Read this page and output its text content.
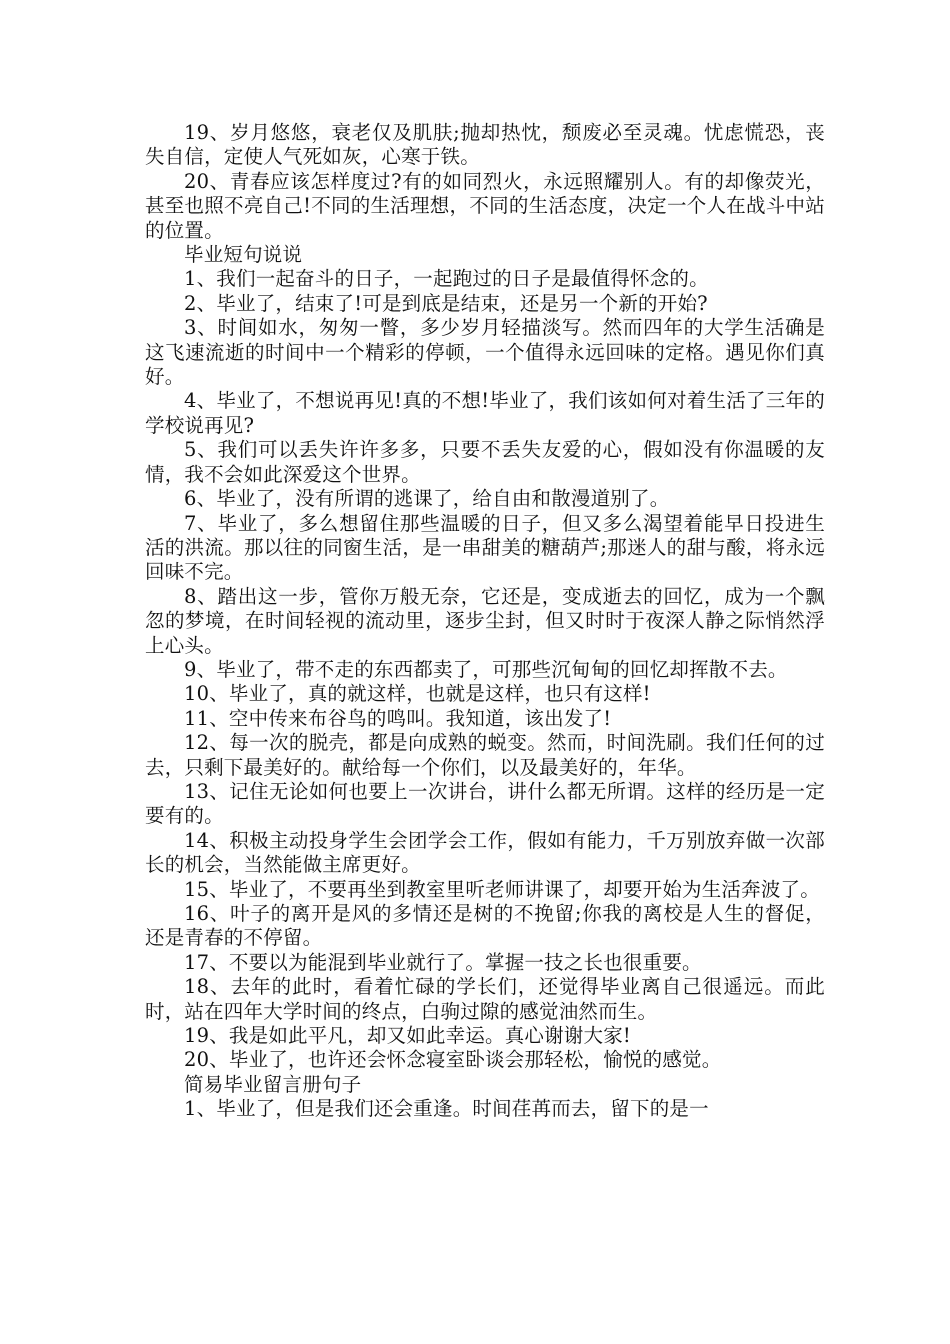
19、岁月悠悠，衰老仅及肌肤;抛却热忱，颓废必至灵魂。忧虑慌恐，丧失自信，定使人气死如灰，心寒于铁。

20、青春应该怎样度过?有的如同烈火，永远照耀别人。有的却像荧光，甚至也照不亮自己!不同的生活理想，不同的生活态度，决定一个人在战斗中站的位置。

毕业短句说说

1、我们一起奋斗的日子，一起跑过的日子是最值得怀念的。

2、毕业了，结束了!可是到底是结束，还是另一个新的开始?

3、时间如水，匆匆一瞥，多少岁月轻描淡写。然而四年的大学生活确是这飞速流逝的时间中一个精彩的停顿，一个值得永远回味的定格。遇见你们真好。

4、毕业了，不想说再见!真的不想!毕业了，我们该如何对着生活了三年的学校说再见?

5、我们可以丢失许许多多，只要不丢失友爱的心，假如没有你温暖的友情，我不会如此深爱这个世界。

6、毕业了，没有所谓的逃课了，给自由和散漫道别了。

7、毕业了，多么想留住那些温暖的日子，但又多么渴望着能早日投进生活的洪流。那以往的同窗生活，是一串甜美的糖葫芦;那迷人的甜与酸，将永远回味不完。

8、踏出这一步，管你万般无奈，它还是，变成逝去的回忆，成为一个飘忽的梦境，在时间轻视的流动里，逐步尘封，但又时时于夜深人静之际悄然浮上心头。

9、毕业了，带不走的东西都卖了，可那些沉甸甸的回忆却挥散不去。

10、毕业了，真的就这样，也就是这样，也只有这样!

11、空中传来布谷鸟的鸣叫。我知道，该出发了!

12、每一次的脱壳，都是向成熟的蜕变。然而，时间洗刷。我们任何的过去，只剩下最美好的。献给每一个你们，以及最美好的，年华。

13、记住无论如何也要上一次讲台，讲什么都无所谓。这样的经历是一定要有的。

14、积极主动投身学生会团学会工作，假如有能力，千万别放弃做一次部长的机会，当然能做主席更好。

15、毕业了，不要再坐到教室里听老师讲课了，却要开始为生活奔波了。

16、叶子的离开是风的多情还是树的不挽留;你我的离校是人生的督促，还是青春的不停留。

17、不要以为能混到毕业就行了。掌握一技之长也很重要。

18、去年的此时，看着忙碌的学长们，还觉得毕业离自己很遥远。而此时，站在四年大学时间的终点，白驹过隙的感觉油然而生。

19、我是如此平凡，却又如此幸运。真心谢谢大家!

20、毕业了，也许还会怀念寝室卧谈会那轻松，愉悦的感觉。

简易毕业留言册句子

1、毕业了，但是我们还会重逢。时间荏苒而去，留下的是一
